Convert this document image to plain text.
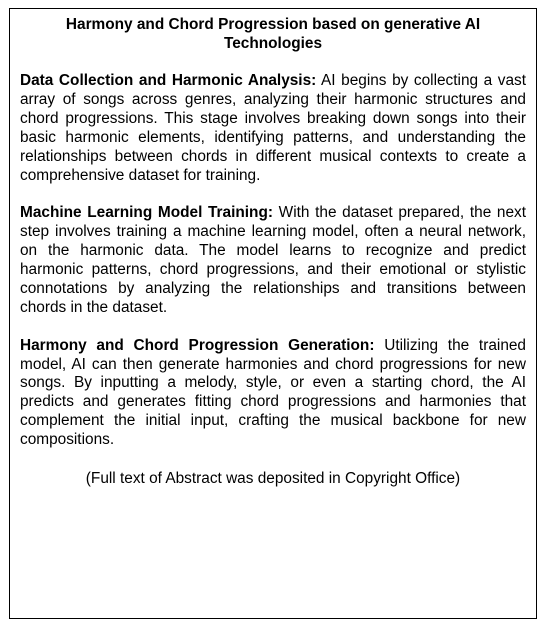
Harmony and Chord Progression based on generative AI Technologies

Data Collection and Harmonic Analysis: AI begins by collecting a vast array of songs across genres, analyzing their harmonic structures and chord progressions. This stage involves breaking down songs into their basic harmonic elements, identifying patterns, and understanding the relationships between chords in different musical contexts to create a comprehensive dataset for training.

Machine Learning Model Training: With the dataset prepared, the next step involves training a machine learning model, often a neural network, on the harmonic data. The model learns to recognize and predict harmonic patterns, chord progressions, and their emotional or stylistic connotations by analyzing the relationships and transitions between chords in the dataset.

Harmony and Chord Progression Generation: Utilizing the trained model, AI can then generate harmonies and chord progressions for new songs. By inputting a melody, style, or even a starting chord, the AI predicts and generates fitting chord progressions and harmonies that complement the initial input, crafting the musical backbone for new compositions.

(Full text of Abstract was deposited in Copyright Office)
